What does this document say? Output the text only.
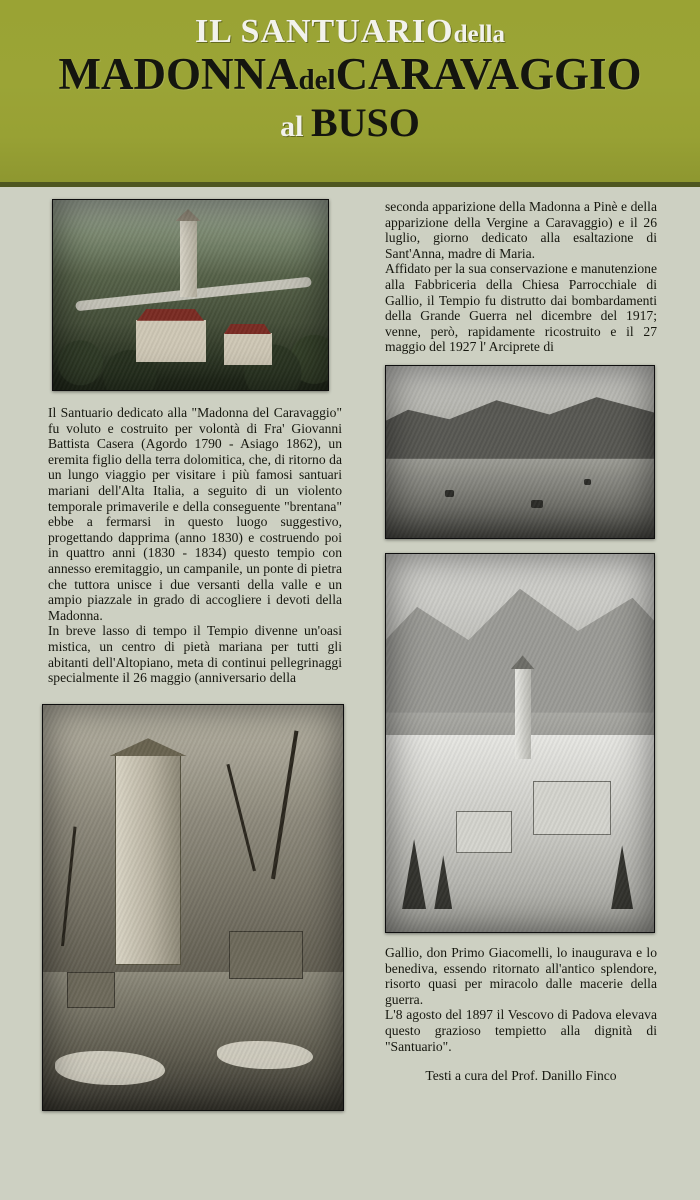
IL SANTUARIOdella
MADONNAdelCARAVAGGIO
al BUSO

Il Santuario dedicato alla "Madonna del Caravaggio" fu voluto e costruito per volontà di Fra' Giovanni Battista Casera (Agordo 1790 - Asiago 1862), un eremita figlio della terra dolomitica, che, di ritorno da un lungo viaggio per visitare i più famosi santuari mariani dell'Alta Italia, a seguito di un violento temporale primaverile e della conseguente "brentana" ebbe a fermarsi in questo luogo suggestivo, progettando dapprima (anno 1830) e costruendo poi in quattro anni (1830 - 1834) questo tempio con annesso eremitaggio, un campanile, un ponte di pietra che tuttora unisce i due versanti della valle e un ampio piazzale in grado di accogliere i devoti della Madonna.

In breve lasso di tempo il Tempio divenne un'oasi mistica, un centro di pietà mariana per tutti gli abitanti dell'Altopiano, meta di continui pellegrinaggi specialmente il 26 maggio (anniversario della

seconda apparizione della Madonna a Pinè e della apparizione della Vergine a Caravaggio) e il 26 luglio, giorno dedicato alla esaltazione di Sant'Anna, madre di Maria.

Affidato per la sua conservazione e manutenzione alla Fabbriceria della Chiesa Parrocchiale di Gallio, il Tempio fu distrutto dai bombardamenti della Grande Guerra nel dicembre del 1917; venne, però, rapidamente ricostruito e il 27 maggio del 1927 l' Arciprete di

Gallio, don Primo Giacomelli, lo inaugurava e lo benediva, essendo ritornato all'antico splendore, risorto quasi per miracolo dalle macerie della guerra.

L'8 agosto del 1897 il Vescovo di Padova elevava questo grazioso tempietto alla dignità di "Santuario".

Testi a cura del Prof. Danillo Finco
